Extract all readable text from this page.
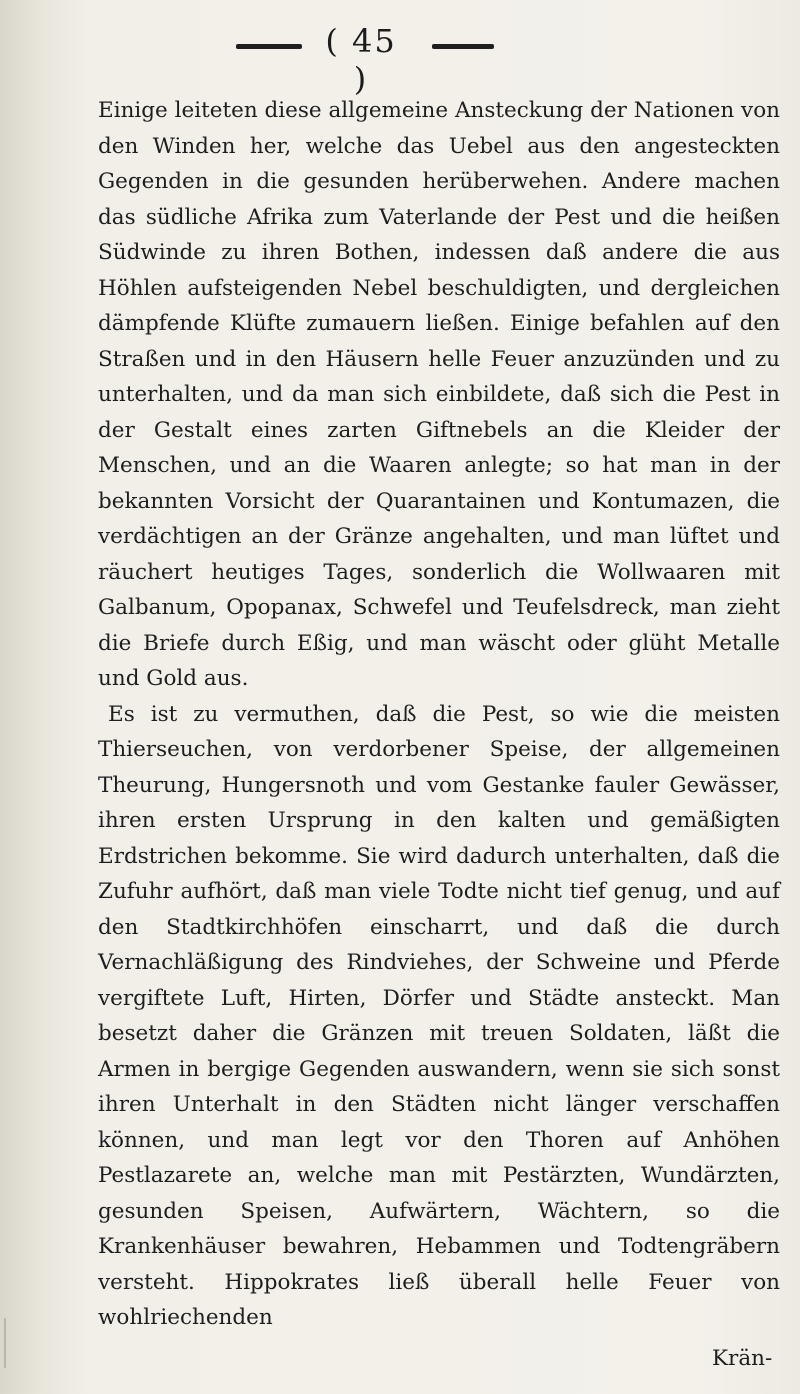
( 45 )

Einige leiteten diese allgemeine Ansteckung der Nationen von den Winden her, welche das Uebel aus den angesteckten Gegenden in die gesunden herüberwehen. Andere machen das südliche Afrika zum Vaterlande der Pest und die heißen Südwinde zu ihren Bothen, indessen daß andere die aus Höhlen aufsteigenden Nebel beschuldigten, und dergleichen dämpfende Klüfte zumauern ließen. Einige befahlen auf den Straßen und in den Häusern helle Feuer anzuzünden und zu unterhalten, und da man sich einbildete, daß sich die Pest in der Gestalt eines zarten Giftnebels an die Kleider der Menschen, und an die Waaren anlegte; so hat man in der bekannten Vorsicht der Quarantainen und Kontumazen, die verdächtigen an der Gränze angehalten, und man lüftet und räuchert heutiges Tages, sonderlich die Wollwaaren mit Galbanum, Opopanax, Schwefel und Teufelsdreck, man zieht die Briefe durch Eßig, und man wäscht oder glüht Metalle und Gold aus.

Es ist zu vermuthen, daß die Pest, so wie die meisten Thierseuchen, von verdorbener Speise, der allgemeinen Theurung, Hungersnoth und vom Gestanke fauler Gewässer, ihren ersten Ursprung in den kalten und gemäßigten Erdstrichen bekomme. Sie wird dadurch unterhalten, daß die Zufuhr aufhört, daß man viele Todte nicht tief genug, und auf den Stadtkirchhöfen einscharrt, und daß die durch Vernachläßigung des Rindviehes, der Schweine und Pferde vergiftete Luft, Hirten, Dörfer und Städte ansteckt. Man besetzt daher die Gränzen mit treuen Soldaten, läßt die Armen in bergige Gegenden auswandern, wenn sie sich sonst ihren Unterhalt in den Städten nicht länger verschaffen können, und man legt vor den Thoren auf Anhöhen Pestlazarete an, welche man mit Pestärzten, Wundärzten, gesunden Speisen, Aufwärtern, Wächtern, so die Krankenhäuser bewahren, Hebammen und Todtengräbern versteht. Hippokrates ließ überall helle Feuer von wohlriechenden

Krän-
